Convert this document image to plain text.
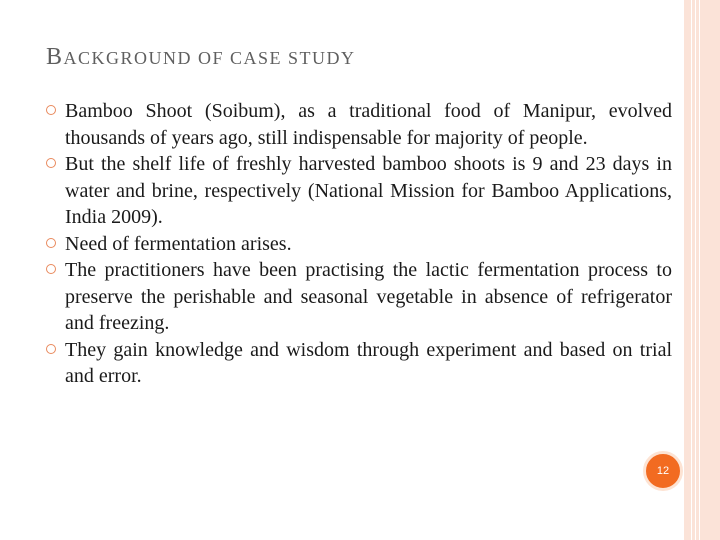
BACKGROUND OF CASE STUDY
Bamboo Shoot (Soibum), as a traditional food of Manipur, evolved thousands of years ago, still indispensable for majority of people.
But the shelf life of freshly harvested bamboo shoots is 9 and 23 days in water and brine, respectively (National Mission for Bamboo Applications, India 2009).
Need of fermentation arises.
The practitioners have been practising the lactic fermentation process to preserve the perishable and seasonal vegetable in absence of refrigerator and freezing.
They gain knowledge and wisdom through experiment and based on trial and error.
12
